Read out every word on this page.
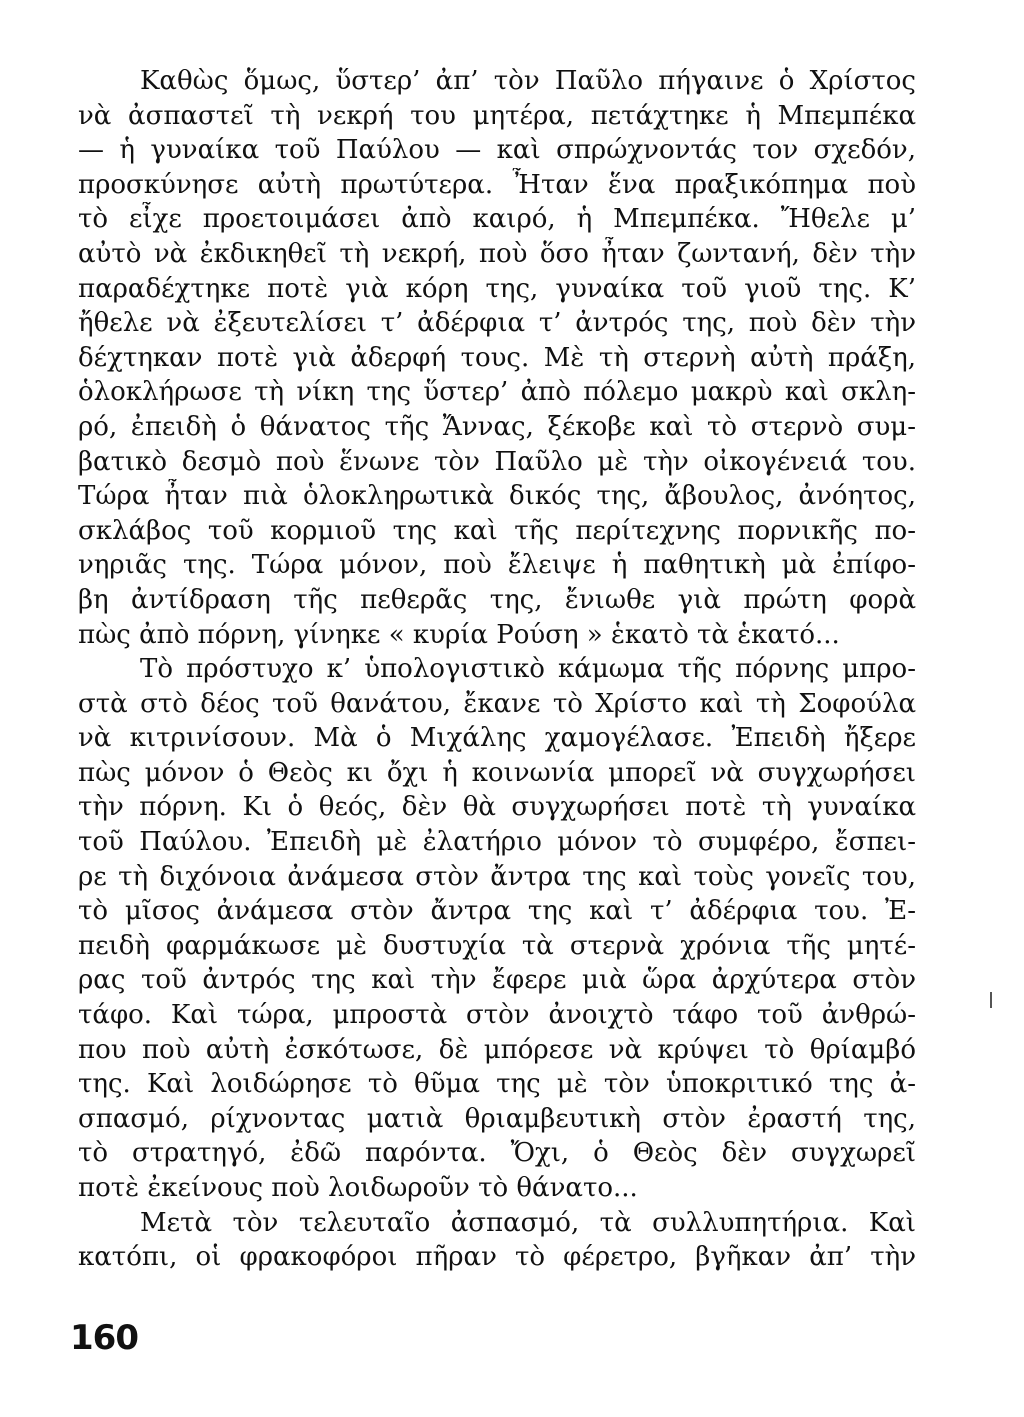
Καθὼς ὅμως, ὕστερ’ ἀπ’ τὸν Παῦλο πήγαινε ὁ Χρίστος
νὰ ἀσπαστεῖ τὴ νεκρή του μητέρα, πετάχτηκε ἡ Μπεμπέκα
— ἡ γυναίκα τοῦ Παύλου — καὶ σπρώχνοντάς τον σχεδόν,
προσκύνησε αὐτὴ πρωτύτερα. Ἦταν ἕνα πραξικόπημα ποὺ
τὸ εἶχε προετοιμάσει ἀπὸ καιρό, ἡ Μπεμπέκα. Ἤθελε μ’
αὐτὸ νὰ ἐκδικηθεῖ τὴ νεκρή, ποὺ ὅσο ἦταν ζωντανή, δὲν τὴν
παραδέχτηκε ποτὲ γιὰ κόρη της, γυναίκα τοῦ γιοῦ της. Κ’
ἤθελε νὰ ἐξευτελίσει τ’ ἀδέρφια τ’ ἀντρός της, ποὺ δὲν τὴν
δέχτηκαν ποτὲ γιὰ ἀδερφή τους. Μὲ τὴ στερνὴ αὐτὴ πράξη,
ὁλοκλήρωσε τὴ νίκη της ὕστερ’ ἀπὸ πόλεμο μακρὺ καὶ σκλη-
ρό, ἐπειδὴ ὁ θάνατος τῆς Ἄννας, ξέκοβε καὶ τὸ στερνὸ συμ-
βατικὸ δεσμὸ ποὺ ἕνωνε τὸν Παῦλο μὲ τὴν οἰκογένειά του.
Τώρα ἦταν πιὰ ὁλοκληρωτικὰ δικός της, ἄβουλος, ἀνόητος,
σκλάβος τοῦ κορμιοῦ της καὶ τῆς περίτεχνης πορνικῆς πο-
νηριᾶς της. Τώρα μόνον, ποὺ ἔλειψε ἡ παθητικὴ μὰ ἐπίφο-
βη ἀντίδραση τῆς πεθερᾶς της, ἔνιωθε γιὰ πρώτη φορὰ
πὼς ἀπὸ πόρνη, γίνηκε « κυρία Ρούση » ἑκατὸ τὰ ἑκατό...
Τὸ πρόστυχο κ’ ὑπολογιστικὸ κάμωμα τῆς πόρνης μπρο-
στὰ στὸ δέος τοῦ θανάτου, ἔκανε τὸ Χρίστο καὶ τὴ Σοφούλα
νὰ κιτρινίσουν. Μὰ ὁ Μιχάλης χαμογέλασε. Ἐπειδὴ ἤξερε
πὼς μόνον ὁ Θεὸς κι ὄχι ἡ κοινωνία μπορεῖ νὰ συγχωρήσει
τὴν πόρνη. Κι ὁ θεός, δὲν θὰ συγχωρήσει ποτὲ τὴ γυναίκα
τοῦ Παύλου. Ἐπειδὴ μὲ ἐλατήριο μόνον τὸ συμφέρο, ἔσπει-
ρε τὴ διχόνοια ἀνάμεσα στὸν ἄντρα της καὶ τοὺς γονεῖς του,
τὸ μῖσος ἀνάμεσα στὸν ἄντρα της καὶ τ’ ἀδέρφια του. Ἐ-
πειδὴ φαρμάκωσε μὲ δυστυχία τὰ στερνὰ χρόνια τῆς μητέ-
ρας τοῦ ἀντρός της καὶ τὴν ἔφερε μιὰ ὥρα ἀρχύτερα στὸν
τάφο. Καὶ τώρα, μπροστὰ στὸν ἀνοιχτὸ τάφο τοῦ ἀνθρώ-
που ποὺ αὐτὴ ἐσκότωσε, δὲ μπόρεσε νὰ κρύψει τὸ θρίαμβό
της. Καὶ λοιδώρησε τὸ θῦμα της μὲ τὸν ὑποκριτικό της ἀ-
σπασμό, ρίχνοντας ματιὰ θριαμβευτικὴ στὸν ἐραστή της,
τὸ στρατηγό, ἐδῶ παρόντα. Ὄχι, ὁ Θεὸς δὲν συγχωρεῖ
ποτὲ ἐκείνους ποὺ λοιδωροῦν τὸ θάνατο...
Μετὰ τὸν τελευταῖο ἀσπασμό, τὰ συλλυπητήρια. Καὶ
κατόπι, οἱ φρακοφόροι πῆραν τὸ φέρετρο, βγῆκαν ἀπ’ τὴν
160
